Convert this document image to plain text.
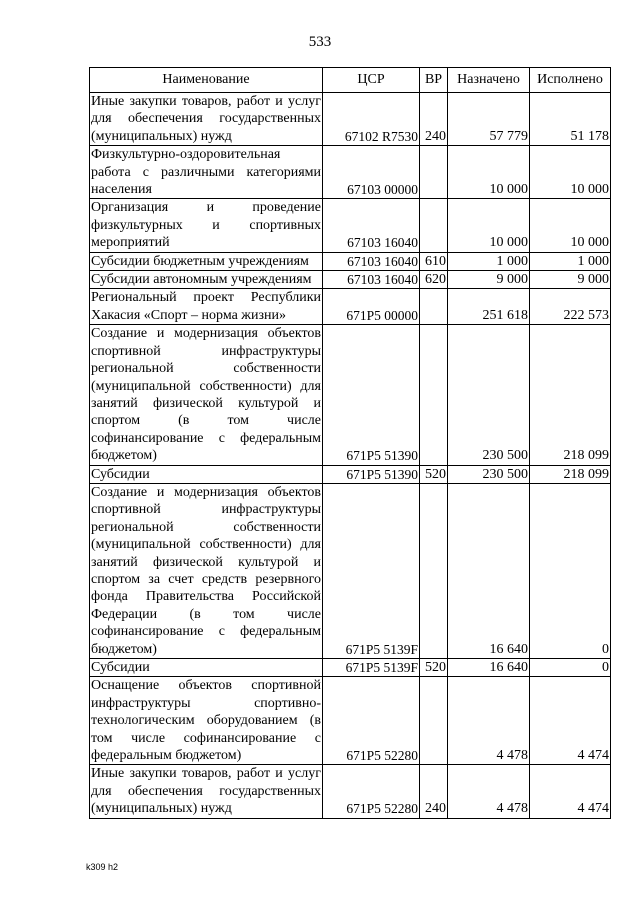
533
Наименование	ЦСР	ВР	Назначено	Исполнено
Иные закупки товаров, работ и услуг для обеспечения государственных (муниципальных) нужд	67102 R7530	240	57 779	51 178
Физкультурно-оздоровительная работа с различными категориями населения	67103 00000		10 000	10 000
Организация и проведение физкультурных и спортивных мероприятий	67103 16040		10 000	10 000
Субсидии бюджетным учреждениям	67103 16040	610	1 000	1 000
Субсидии автономным учреждениям	67103 16040	620	9 000	9 000
Региональный проект Республики Хакасия «Спорт – норма жизни»	671P5 00000		251 618	222 573
Создание и модернизация объектов спортивной инфраструктуры региональной собственности (муниципальной собственности) для занятий физической культурой и спортом (в том числе софинансирование с федеральным бюджетом)	671P5 51390		230 500	218 099
Субсидии	671P5 51390	520	230 500	218 099
Создание и модернизация объектов спортивной инфраструктуры региональной собственности (муниципальной собственности) для занятий физической культурой и спортом за счет средств резервного фонда Правительства Российской Федерации (в том числе софинансирование с федеральным бюджетом)	671P5 5139F		16 640	0
Субсидии	671P5 5139F	520	16 640	0
Оснащение объектов спортивной инфраструктуры спортивно-технологическим оборудованием (в том числе софинансирование с федеральным бюджетом)	671P5 52280		4 478	4 474
Иные закупки товаров, работ и услуг для обеспечения государственных (муниципальных) нужд	671P5 52280	240	4 478	4 474
k309 h2
